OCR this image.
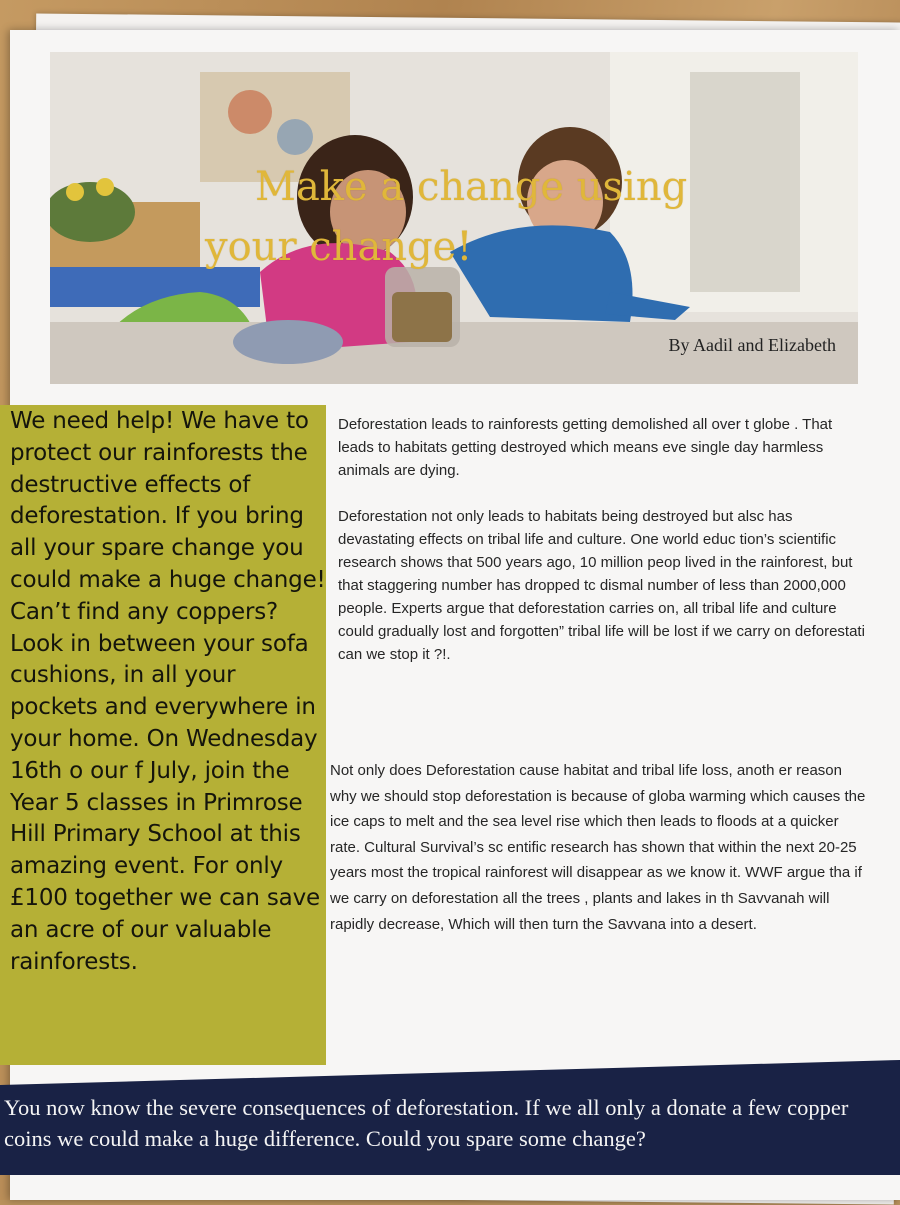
Make a change using
your change!
By Aadil and Elizabeth

We need help! We have to protect our rainforests the destructive effects of deforestation. If you bring all your spare change you could make a huge change! Can’t find any coppers? Look in between your sofa cushions, in all your pockets and everywhere in your home. On Wednesday 16th o our f July, join the Year 5 classes in Primrose Hill Primary School at this amazing event. For only £100 together we can save an acre of our valuable rainforests.

Deforestation leads to rainforests getting demolished all over t globe . That leads to habitats getting destroyed which means eve single day harmless animals are dying.

Deforestation not only leads to habitats being destroyed but alsc has devastating effects on tribal life and culture. One world educ tion’s scientific research shows that 500 years ago, 10 million peop lived in the rainforest, but that staggering number has dropped tc dismal number of less than 2000,000 people. Experts argue that deforestation carries on, all tribal life and culture could gradually lost and forgotten” tribal life will be lost if we carry on deforestati can we stop it ?!.

Not only does Deforestation cause habitat and tribal life loss, anoth er reason why we should stop deforestation is because of globa warming which causes the ice caps to melt and the sea level rise which then leads to floods at a quicker rate. Cultural Survival’s sc entific research has shown that within the next 20-25 years most the tropical rainforest will disappear as we know it. WWF argue tha if we carry on deforestation all the trees , plants and lakes in th Savvanah will rapidly decrease, Which will then turn the Savvana into a desert.

You now know the severe consequences of deforestation. If we all only a donate a few copper coins we could make a huge difference. Could you spare some change?
